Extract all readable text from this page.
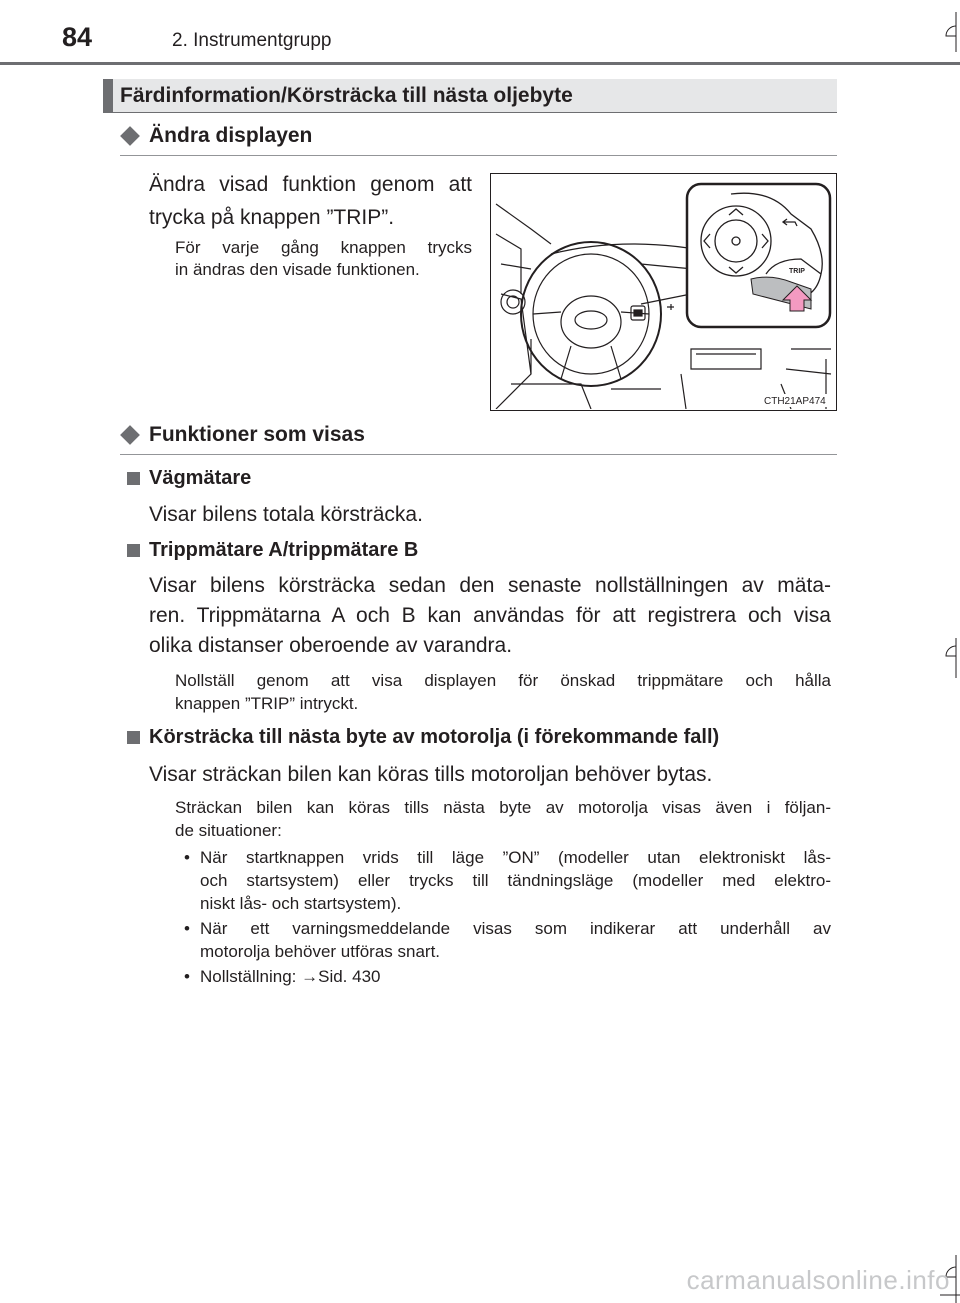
84	2. Instrumentgrupp
Färdinformation/Körsträcka till nästa oljebyte
Ändra displayen
Ändra visad funktion genom att
trycka på knappen ”TRIP”.
För varje gång knappen trycks
in ändras den visade funktionen.	TRIP
CTH21AP474
Funktioner som visas
Vägmätare
Visar bilens totala körsträcka.
Trippmätare A/trippmätare B
Visar bilens körsträcka sedan den senaste nollställningen av mäta-
ren. Trippmätarna A och B kan användas för att registrera och visa
olika distanser oberoende av varandra.
Nollställ genom att visa displayen för önskad trippmätare och hålla
knappen ”TRIP” intryckt.
Körsträcka till nästa byte av motorolja (i förekommande fall)
Visar sträckan bilen kan köras tills motoroljan behöver bytas.
Sträckan bilen kan köras tills nästa byte av motorolja visas även i följan-
de situationer:
• När startknappen vrids till läge ”ON” (modeller utan elektroniskt lås-
och startsystem) eller trycks till tändningsläge (modeller med elektro-
niskt lås- och startsystem).
• När ett varningsmeddelande visas som indikerar att underhåll av
motorolja behöver utföras snart.
• Nollställning: →Sid. 430
carmanualsonline.info
